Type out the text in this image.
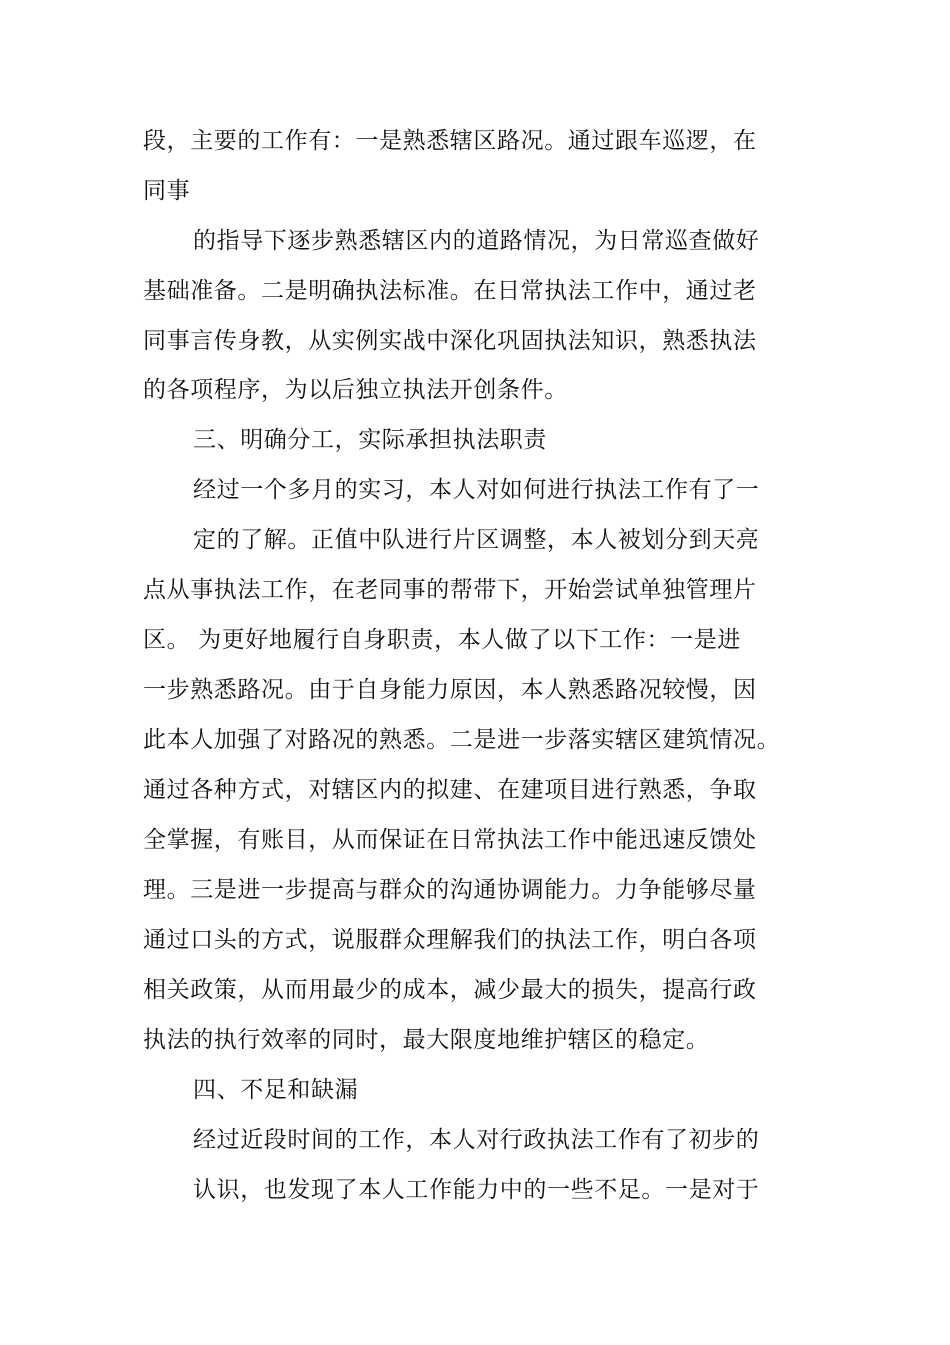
段，主要的工作有：一是熟悉辖区路况。通过跟车巡逻，在
同事
的指导下逐步熟悉辖区内的道路情况，为日常巡查做好
基础准备。二是明确执法标准。在日常执法工作中，通过老
同事言传身教，从实例实战中深化巩固执法知识，熟悉执法
的各项程序，为以后独立执法开创条件。
三、明确分工，实际承担执法职责
经过一个多月的实习，本人对如何进行执法工作有了一
定的了解。正值中队进行片区调整，本人被划分到天亮
点从事执法工作，在老同事的帮带下，开始尝试单独管理片
区。 为更好地履行自身职责，本人做了以下工作：一是进
一步熟悉路况。由于自身能力原因，本人熟悉路况较慢，因
此本人加强了对路况的熟悉。二是进一步落实辖区建筑情况。
通过各种方式，对辖区内的拟建、在建项目进行熟悉，争取
全掌握，有账目，从而保证在日常执法工作中能迅速反馈处
理。三是进一步提高与群众的沟通协调能力。力争能够尽量
通过口头的方式，说服群众理解我们的执法工作，明白各项
相关政策，从而用最少的成本，减少最大的损失，提高行政
执法的执行效率的同时，最大限度地维护辖区的稳定。
四、不足和缺漏
经过近段时间的工作，本人对行政执法工作有了初步的
认识，也发现了本人工作能力中的一些不足。一是对于
